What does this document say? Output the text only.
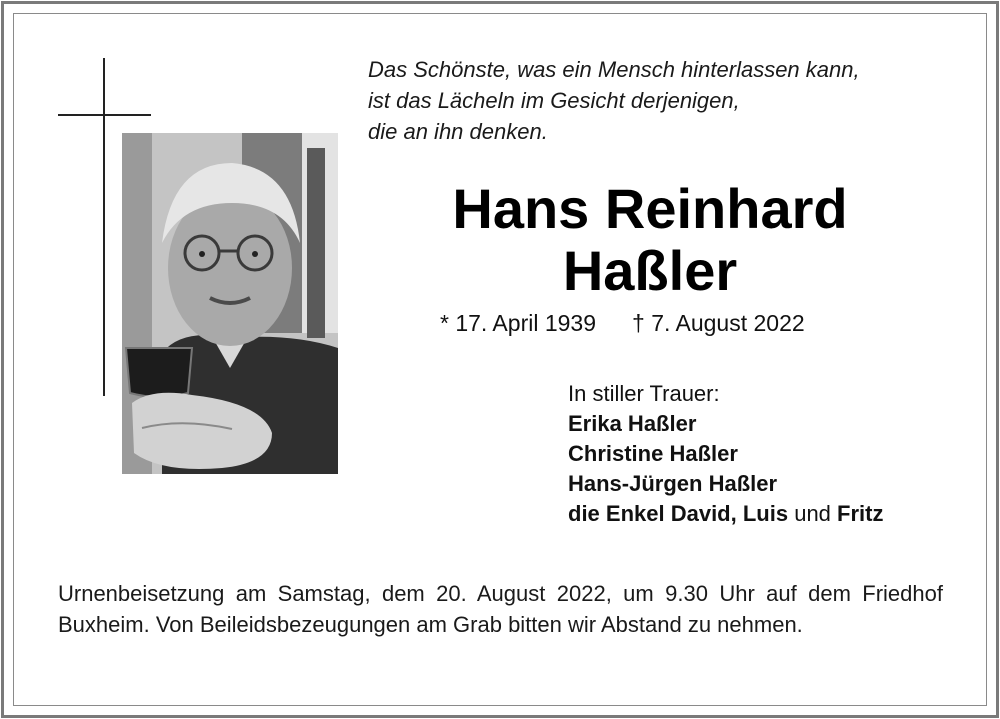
Das Schönste, was ein Mensch hinterlassen kann,
ist das Lächeln im Gesicht derjenigen,
die an ihn denken.
Hans Reinhard
Haßler
* 17. April 1939 † 7. August 2022
In stiller Trauer:
Erika Haßler
Christine Haßler
Hans-Jürgen Haßler
die Enkel David, Luis und Fritz
Urnenbeisetzung am Samstag, dem 20. August 2022, um 9.30 Uhr auf dem Friedhof Buxheim. Von Beileidsbezeugungen am Grab bitten wir Abstand zu nehmen.
